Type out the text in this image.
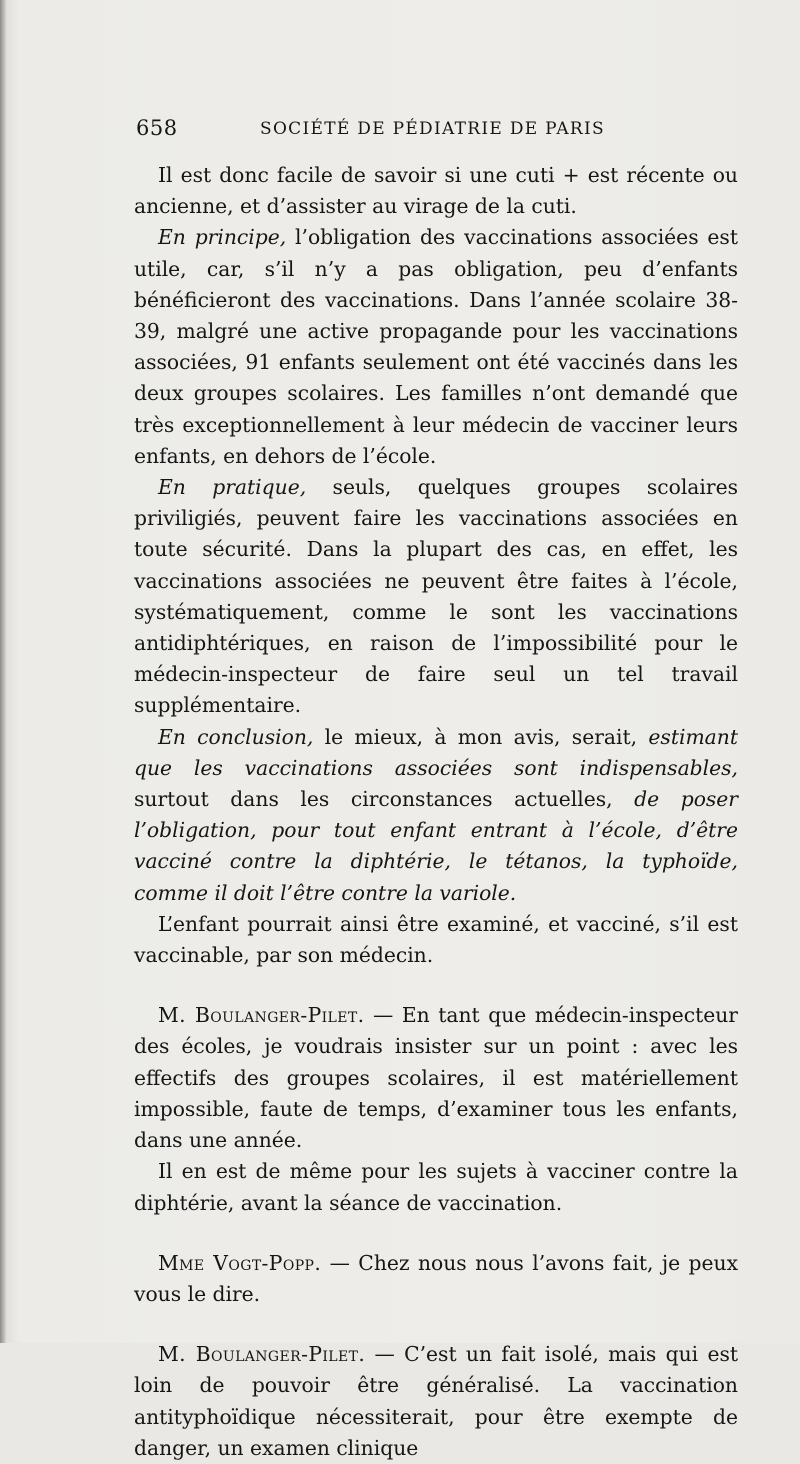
658	SOCIÉTÉ DE PÉDIATRIE DE PARIS

Il est donc facile de savoir si une cuti + est récente ou ancienne, et d’assister au virage de la cuti.

En principe, l’obligation des vaccinations associées est utile, car, s’il n’y a pas obligation, peu d’enfants bénéficieront des vaccinations. Dans l’année scolaire 38-39, malgré une active propagande pour les vaccinations associées, 91 enfants seulement ont été vaccinés dans les deux groupes scolaires. Les familles n’ont demandé que très exceptionnellement à leur médecin de vacciner leurs enfants, en dehors de l’école.

En pratique, seuls, quelques groupes scolaires priviligiés, peuvent faire les vaccinations associées en toute sécurité. Dans la plupart des cas, en effet, les vaccinations associées ne peuvent être faites à l’école, systématiquement, comme le sont les vaccinations antidiphtériques, en raison de l’impossibilité pour le médecin-inspecteur de faire seul un tel travail supplémentaire.

En conclusion, le mieux, à mon avis, serait, estimant que les vaccinations associées sont indispensables, surtout dans les circonstances actuelles, de poser l’obligation, pour tout enfant entrant à l’école, d’être vacciné contre la diphtérie, le tétanos, la typhoïde, comme il doit l’être contre la variole.

L’enfant pourrait ainsi être examiné, et vacciné, s’il est vaccinable, par son médecin.

M. Boulanger-Pilet. — En tant que médecin-inspecteur des écoles, je voudrais insister sur un point : avec les effectifs des groupes scolaires, il est matériellement impossible, faute de temps, d’examiner tous les enfants, dans une année.

Il en est de même pour les sujets à vacciner contre la diphtérie, avant la séance de vaccination.

Mme Vogt-Popp. — Chez nous nous l’avons fait, je peux vous le dire.

M. Boulanger-Pilet. — C’est un fait isolé, mais qui est loin de pouvoir être généralisé. La vaccination antityphoïdique nécessiterait, pour être exempte de danger, un examen clinique
